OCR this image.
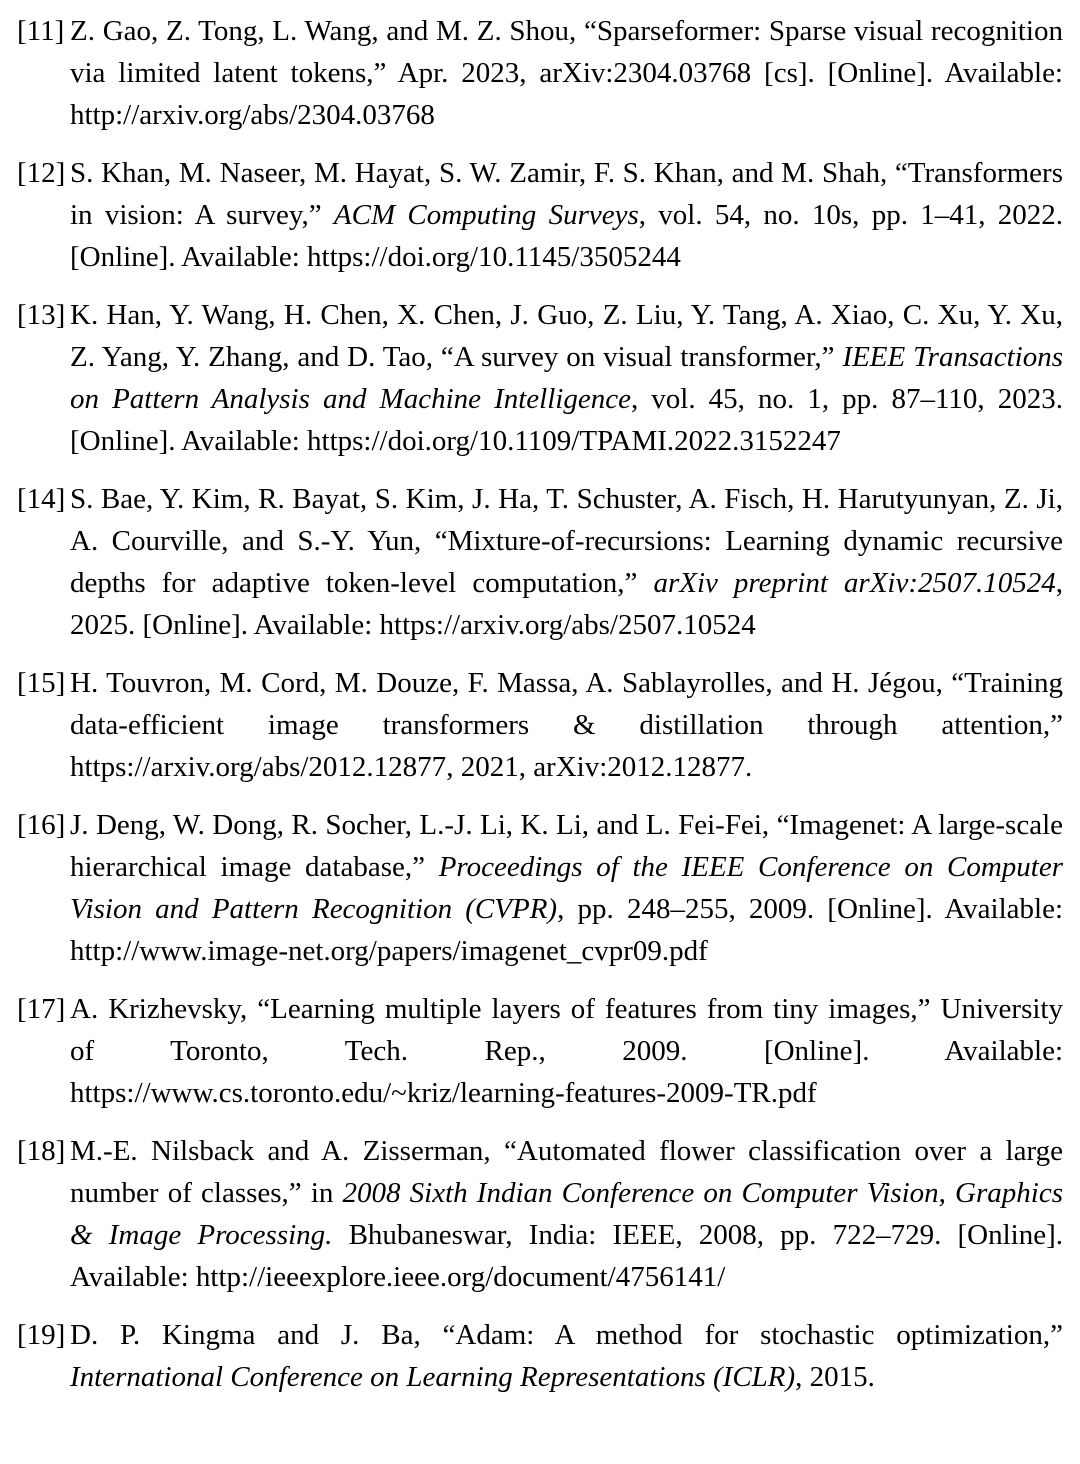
[11] Z. Gao, Z. Tong, L. Wang, and M. Z. Shou, “Sparseformer: Sparse visual recognition via limited latent tokens,” Apr. 2023, arXiv:2304.03768 [cs]. [Online]. Available: http://arxiv.org/abs/2304.03768
[12] S. Khan, M. Naseer, M. Hayat, S. W. Zamir, F. S. Khan, and M. Shah, “Transformers in vision: A survey,” ACM Computing Surveys, vol. 54, no. 10s, pp. 1–41, 2022. [Online]. Available: https://doi.org/10.1145/3505244
[13] K. Han, Y. Wang, H. Chen, X. Chen, J. Guo, Z. Liu, Y. Tang, A. Xiao, C. Xu, Y. Xu, Z. Yang, Y. Zhang, and D. Tao, “A survey on visual transformer,” IEEE Transactions on Pattern Analysis and Machine Intelligence, vol. 45, no. 1, pp. 87–110, 2023. [Online]. Available: https://doi.org/10.1109/TPAMI.2022.3152247
[14] S. Bae, Y. Kim, R. Bayat, S. Kim, J. Ha, T. Schuster, A. Fisch, H. Harutyunyan, Z. Ji, A. Courville, and S.-Y. Yun, “Mixture-of-recursions: Learning dynamic recursive depths for adaptive token-level computation,” arXiv preprint arXiv:2507.10524, 2025. [Online]. Available: https://arxiv.org/abs/2507.10524
[15] H. Touvron, M. Cord, M. Douze, F. Massa, A. Sablayrolles, and H. Jégou, “Training data-efficient image transformers & distillation through attention,” https://arxiv.org/abs/2012.12877, 2021, arXiv:2012.12877.
[16] J. Deng, W. Dong, R. Socher, L.-J. Li, K. Li, and L. Fei-Fei, “Imagenet: A large-scale hierarchical image database,” Proceedings of the IEEE Conference on Computer Vision and Pattern Recognition (CVPR), pp. 248–255, 2009. [Online]. Available: http://www.image-net.org/papers/imagenet_cvpr09.pdf
[17] A. Krizhevsky, “Learning multiple layers of features from tiny images,” University of Toronto, Tech. Rep., 2009. [Online]. Available: https://www.cs.toronto.edu/~kriz/learning-features-2009-TR.pdf
[18] M.-E. Nilsback and A. Zisserman, “Automated flower classification over a large number of classes,” in 2008 Sixth Indian Conference on Computer Vision, Graphics & Image Processing. Bhubaneswar, India: IEEE, 2008, pp. 722–729. [Online]. Available: http://ieeexplore.ieee.org/document/4756141/
[19] D. P. Kingma and J. Ba, “Adam: A method for stochastic optimization,” International Conference on Learning Representations (ICLR), 2015.
